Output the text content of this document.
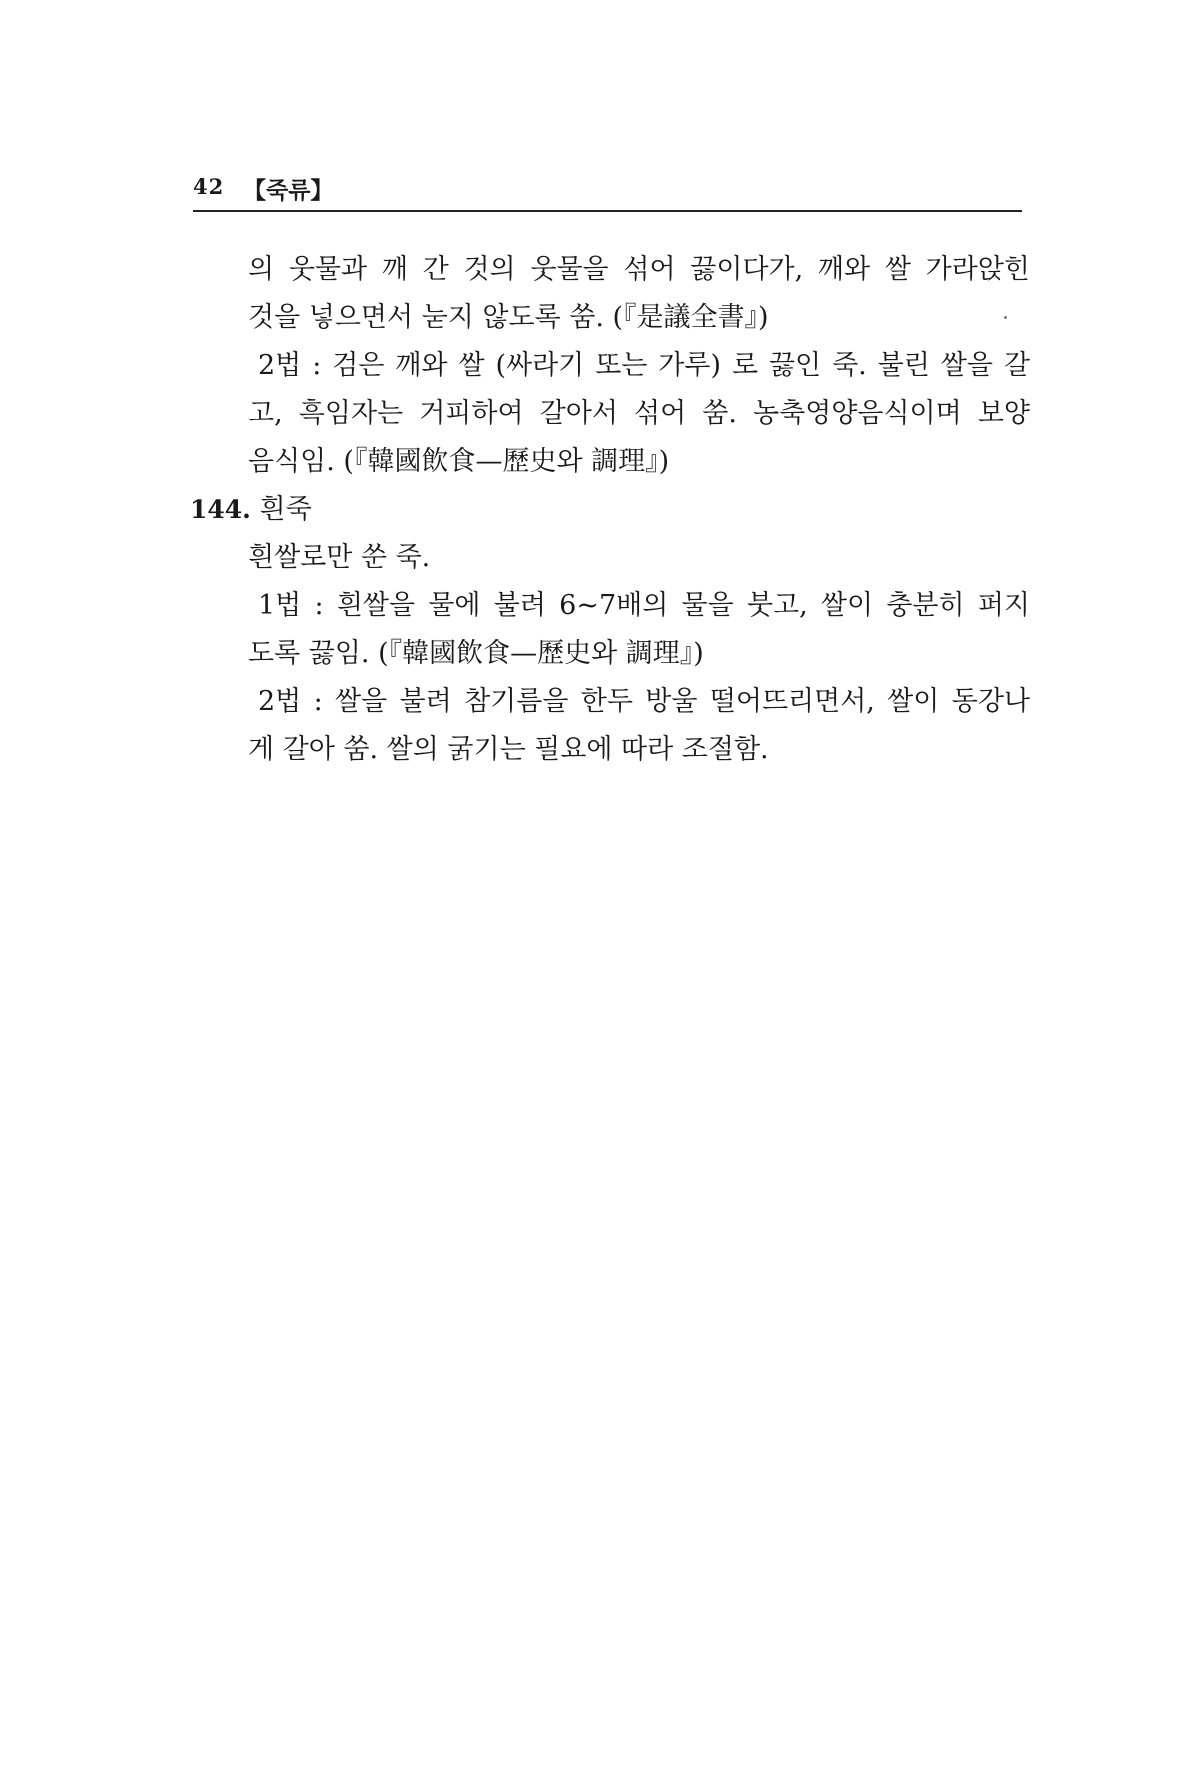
42 【죽류】
의 웃물과 깨 간 것의 웃물을 섞어 끓이다가, 깨와 쌀 가라앉힌
것을 넣으면서 눋지 않도록 쑴. (『是議全書』)
2법 : 검은 깨와 쌀 (싸라기 또는 가루) 로 끓인 죽. 불린 쌀을 갈
고, 흑임자는 거피하여 갈아서 섞어 쑴. 농축영양음식이며 보양
음식임. (『韓國飲食—歷史와 調理』)
144. 흰죽
흰쌀로만 쑨 죽.
1법 : 흰쌀을 물에 불려 6~7배의 물을 붓고, 쌀이 충분히 퍼지
도록 끓임. (『韓國飲食—歷史와 調理』)
2법 : 쌀을 불려 참기름을 한두 방울 떨어뜨리면서, 쌀이 동강나
게 갈아 쑴. 쌀의 굵기는 필요에 따라 조절함.
